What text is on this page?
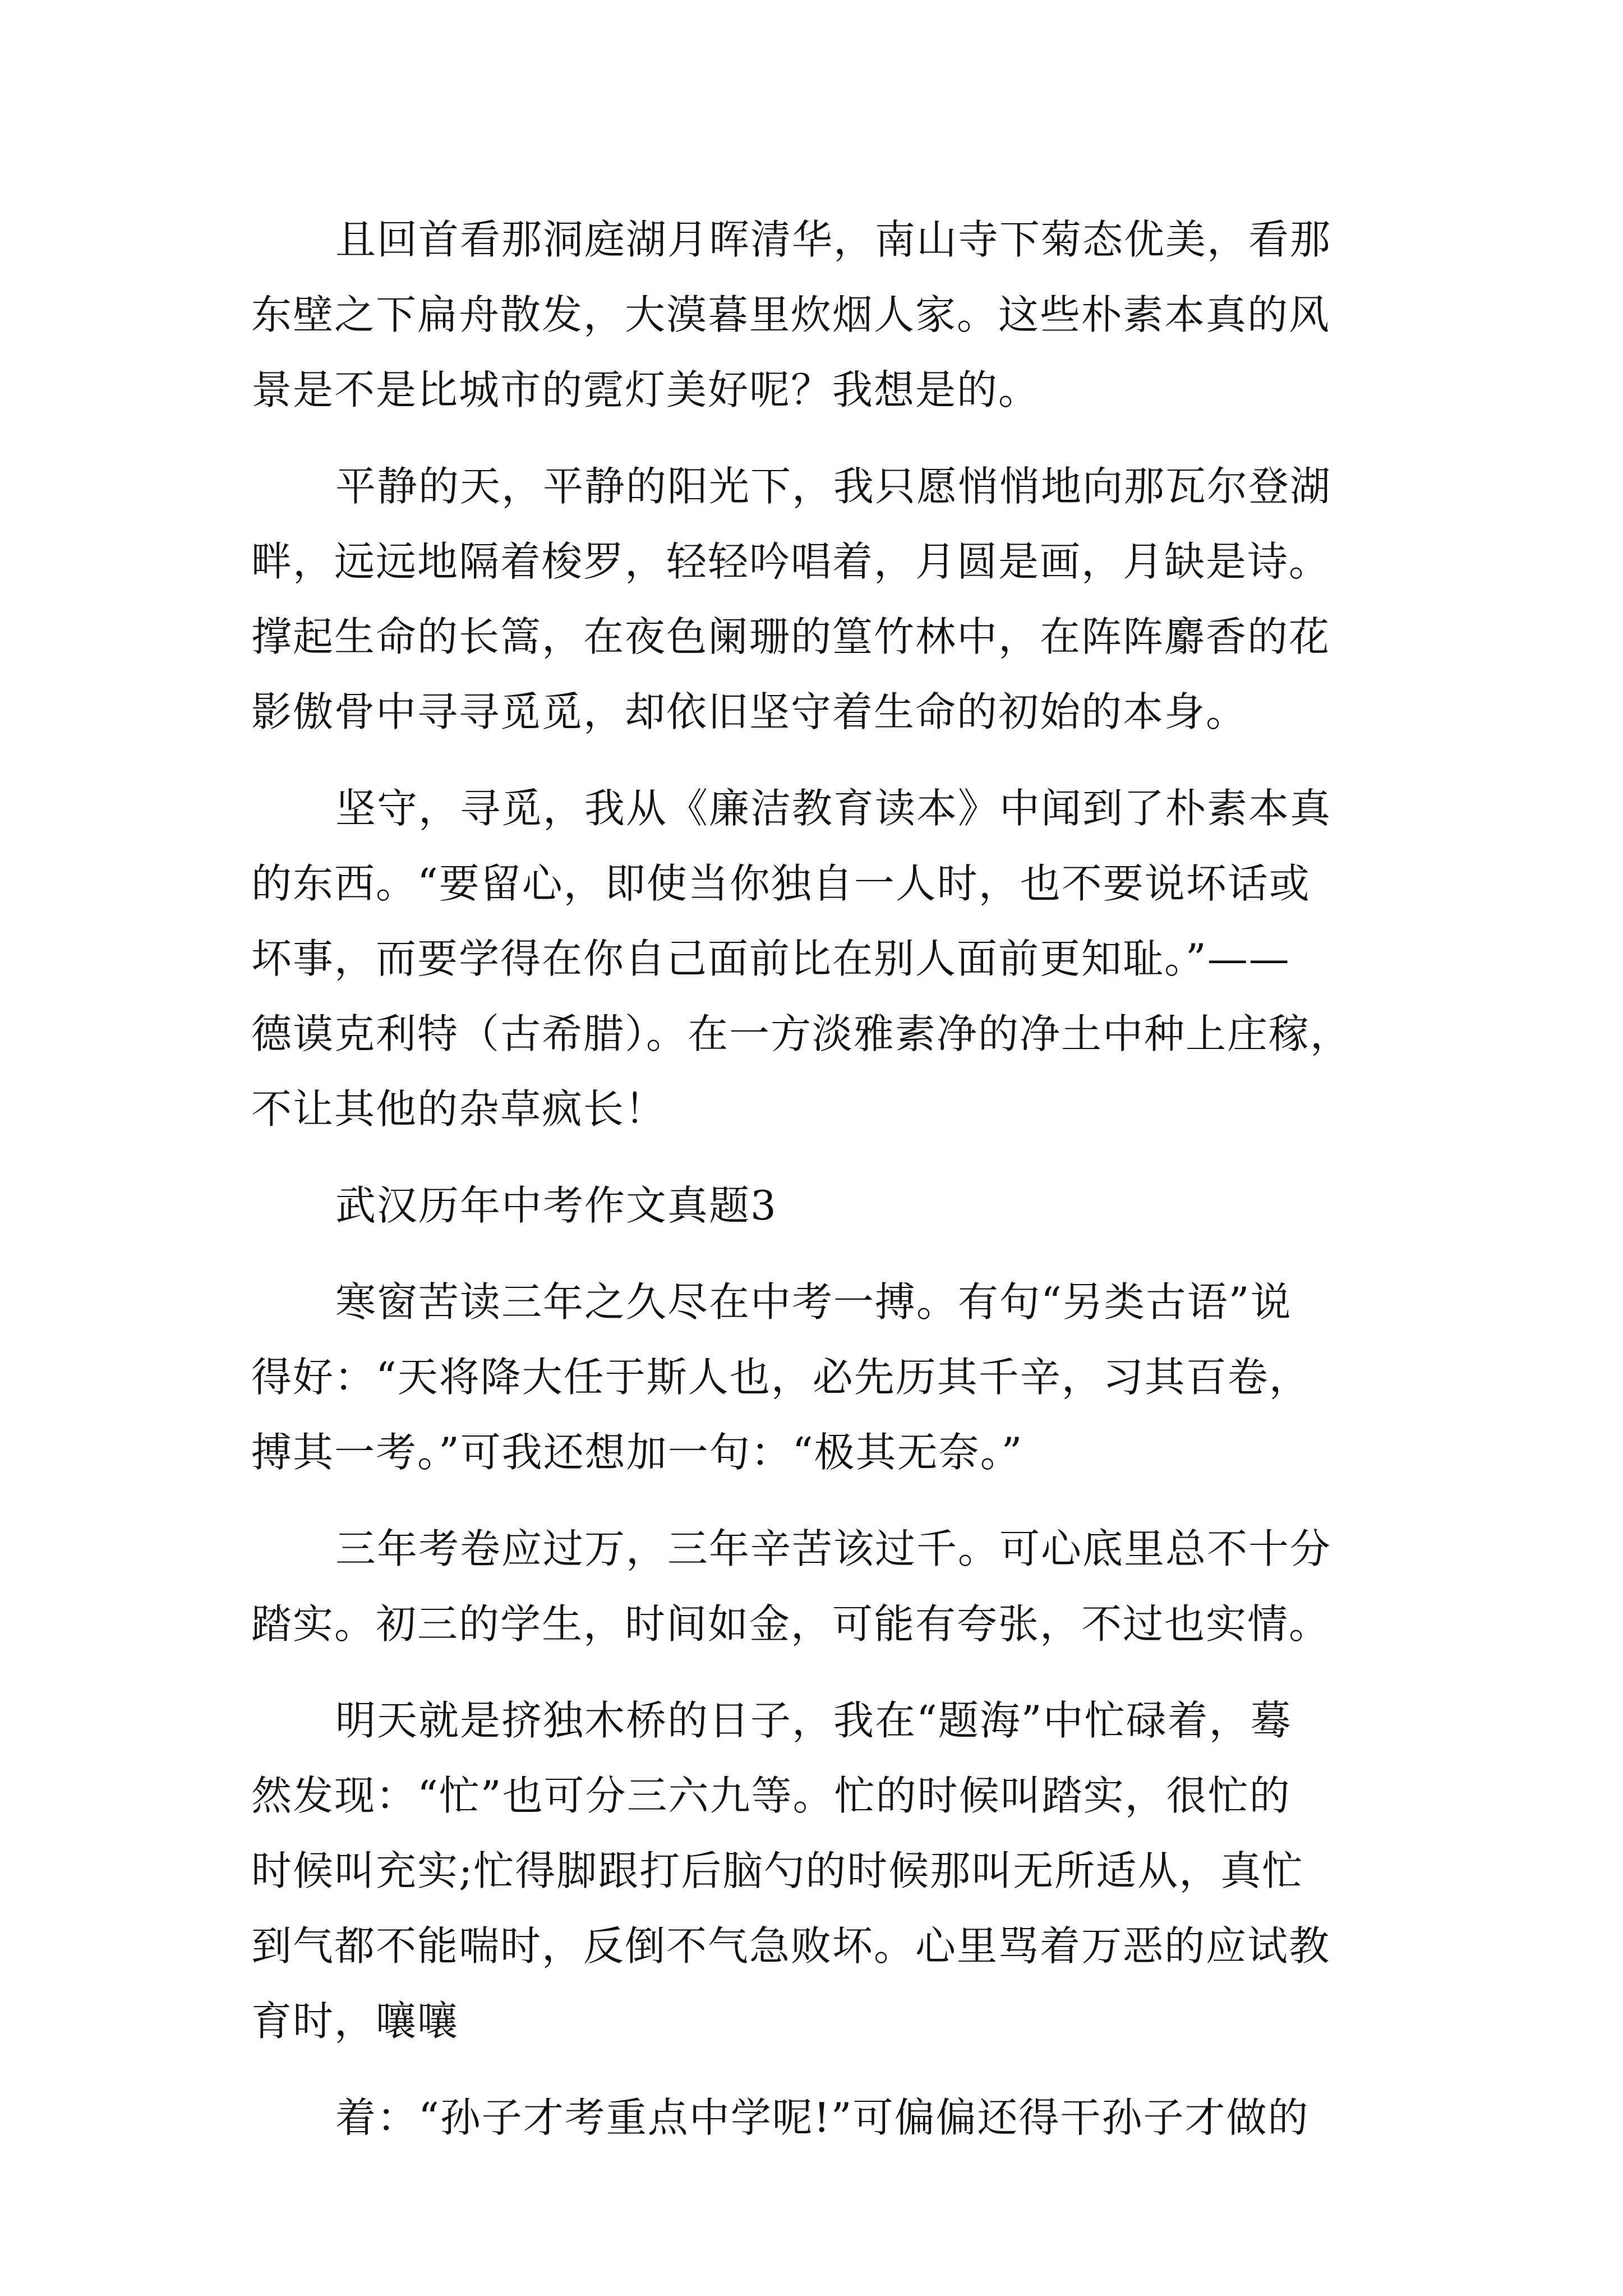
且回首看那洞庭湖月晖清华，南山寺下菊态优美，看那
东壁之下扁舟散发，大漠暮里炊烟人家。这些朴素本真的风
景是不是比城市的霓灯美好呢？我想是的。
平静的天，平静的阳光下，我只愿悄悄地向那瓦尔登湖
畔，远远地隔着梭罗，轻轻吟唱着，月圆是画，月缺是诗。
撑起生命的长篙，在夜色阑珊的篁竹林中，在阵阵麝香的花
影傲骨中寻寻觅觅，却依旧坚守着生命的初始的本身。
坚守，寻觅，我从《廉洁教育读本》中闻到了朴素本真
的东西。“要留心，即使当你独自一人时，也不要说坏话或
坏事，而要学得在你自己面前比在别人面前更知耻。”——
德谟克利特（古希腊）。在一方淡雅素净的净土中种上庄稼，
不让其他的杂草疯长！
武汉历年中考作文真题3
寒窗苦读三年之久尽在中考一搏。有句“另类古语”说
得好：“天将降大任于斯人也，必先历其千辛，习其百卷，
搏其一考。”可我还想加一句：“极其无奈。”
三年考卷应过万，三年辛苦该过千。可心底里总不十分
踏实。初三的学生，时间如金，可能有夸张，不过也实情。
明天就是挤独木桥的日子，我在“题海”中忙碌着，蓦
然发现：“忙”也可分三六九等。忙的时候叫踏实，很忙的
时候叫充实;忙得脚跟打后脑勺的时候那叫无所适从，真忙
到气都不能喘时，反倒不气急败坏。心里骂着万恶的应试教
育时，嚷嚷
着：“孙子才考重点中学呢!”可偏偏还得干孙子才做的
